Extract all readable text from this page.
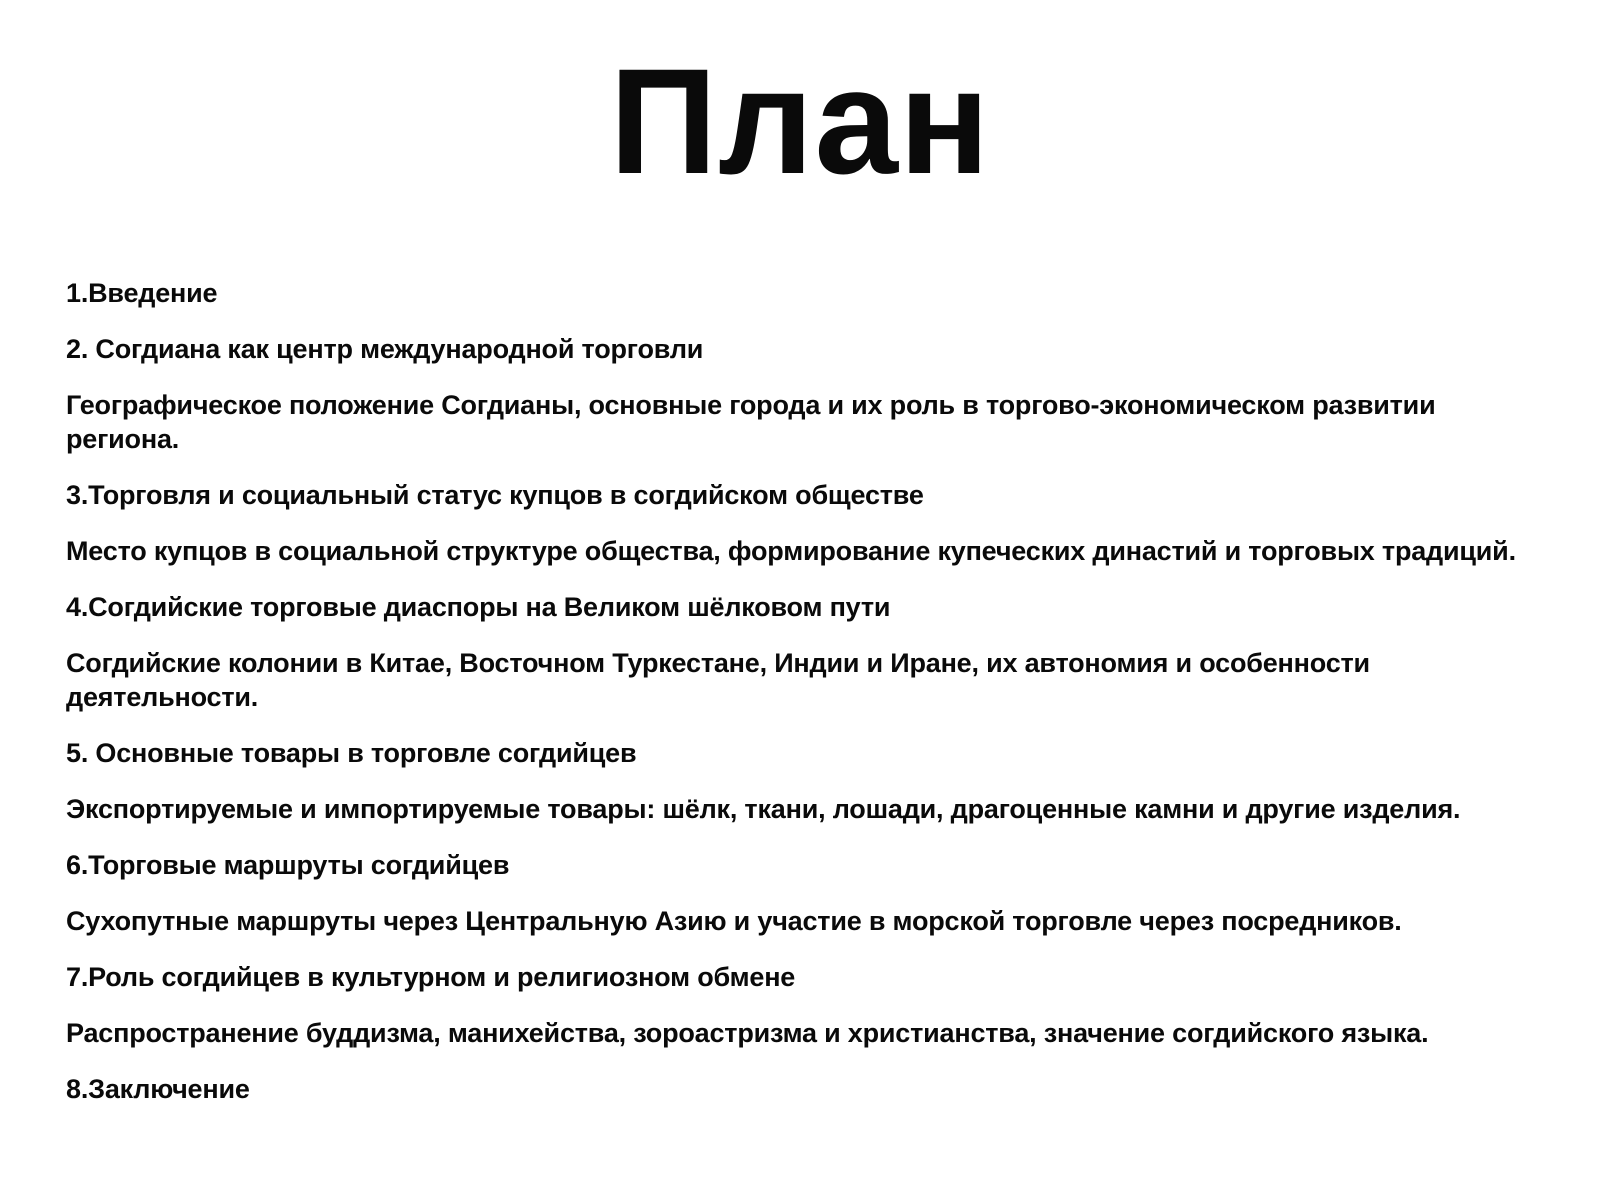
План
1.Введение
2. Согдиана как центр международной торговли
Географическое положение Согдианы, основные города и их роль в торгово-экономическом развитии региона.
3.Торговля и социальный статус купцов в согдийском обществе
Место купцов в социальной структуре общества, формирование купеческих династий и торговых традиций.
4.Согдийские торговые диаспоры на Великом шёлковом пути
Согдийские колонии в Китае, Восточном Туркестане, Индии и Иране, их автономия и особенности деятельности.
5. Основные товары в торговле согдийцев
Экспортируемые и импортируемые товары: шёлк, ткани, лошади, драгоценные камни и другие изделия.
6.Торговые маршруты согдийцев
Сухопутные маршруты через Центральную Азию и участие в морской торговле через посредников.
7.Роль согдийцев в культурном и религиозном обмене
Распространение буддизма, манихейства, зороастризма и христианства, значение согдийского языка.
8.Заключение
